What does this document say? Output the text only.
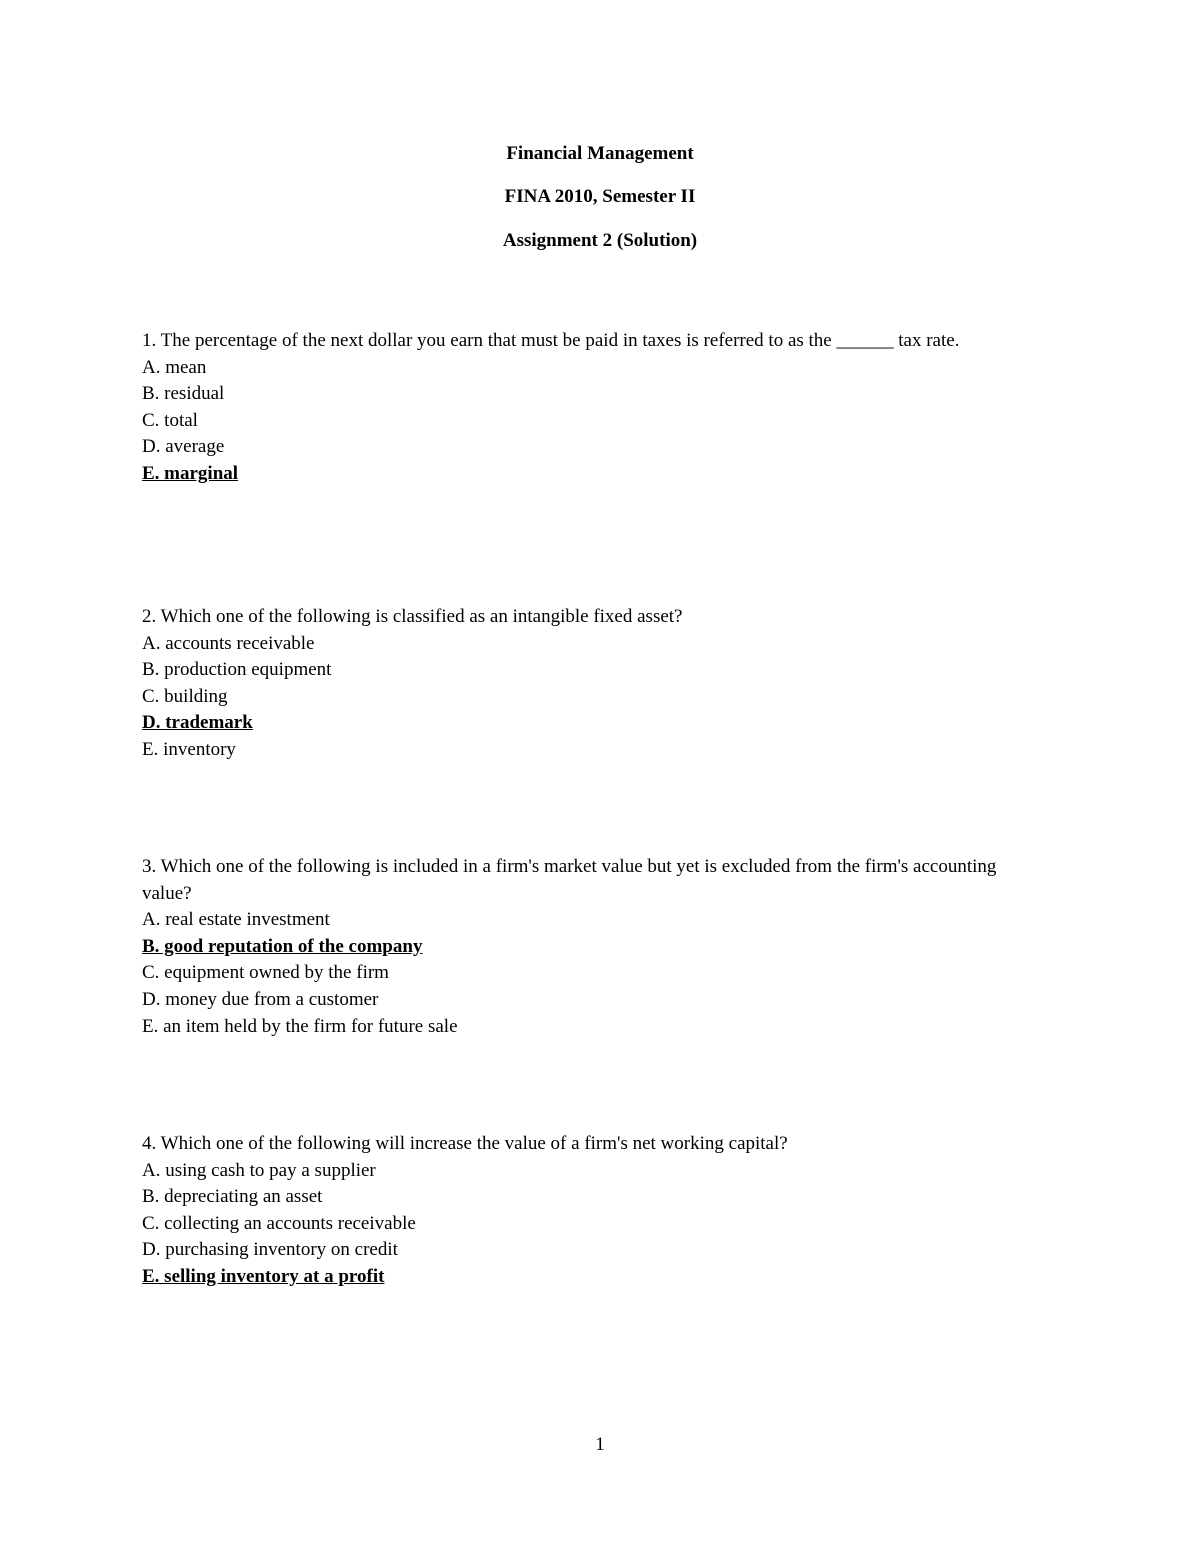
Financial Management
FINA 2010, Semester II
Assignment 2 (Solution)
1. The percentage of the next dollar you earn that must be paid in taxes is referred to as the ______ tax rate.
A. mean
B. residual
C. total
D. average
E. marginal
2. Which one of the following is classified as an intangible fixed asset?
A. accounts receivable
B. production equipment
C. building
D. trademark
E. inventory
3. Which one of the following is included in a firm's market value but yet is excluded from the firm's accounting value?
A. real estate investment
B. good reputation of the company
C. equipment owned by the firm
D. money due from a customer
E. an item held by the firm for future sale
4. Which one of the following will increase the value of a firm's net working capital?
A. using cash to pay a supplier
B. depreciating an asset
C. collecting an accounts receivable
D. purchasing inventory on credit
E. selling inventory at a profit
1
